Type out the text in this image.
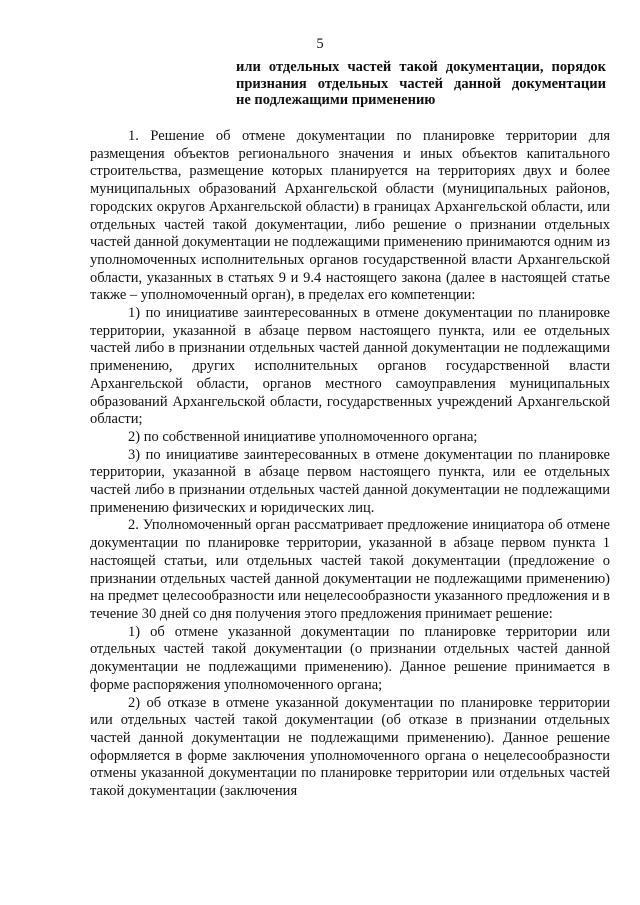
5
или отдельных частей такой документации, порядок
признания отдельных частей данной документации
не подлежащими применению

1. Решение об отмене документации по планировке территории для размещения объектов регионального значения и иных объектов капитального строительства, размещение которых планируется на территориях двух и более муниципальных образований Архангельской области (муниципальных районов, городских округов Архангельской области) в границах Архангельской области, или отдельных частей такой документации, либо решение о признании отдельных частей данной документации не подлежащими применению принимаются одним из уполномоченных исполнительных органов государственной власти Архангельской области, указанных в статьях 9 и 9.4 настоящего закона (далее в настоящей статье также – уполномоченный орган), в пределах его компетенции:

1) по инициативе заинтересованных в отмене документации по планировке территории, указанной в абзаце первом настоящего пункта, или ее отдельных частей либо в признании отдельных частей данной документации не подлежащими применению, других исполнительных органов государственной власти Архангельской области, органов местного самоуправления муниципальных образований Архангельской области, государственных учреждений Архангельской области;

2) по собственной инициативе уполномоченного органа;

3) по инициативе заинтересованных в отмене документации по планировке территории, указанной в абзаце первом настоящего пункта, или ее отдельных частей либо в признании отдельных частей данной документации не подлежащими применению физических и юридических лиц.

2. Уполномоченный орган рассматривает предложение инициатора об отмене документации по планировке территории, указанной в абзаце первом пункта 1 настоящей статьи, или отдельных частей такой документации (предложение о признании отдельных частей данной документации не подлежащими применению) на предмет целесообразности или нецелесообразности указанного предложения и в течение 30 дней со дня получения этого предложения принимает решение:

1) об отмене указанной документации по планировке территории или отдельных частей такой документации (о признании отдельных частей данной документации не подлежащими применению). Данное решение принимается в форме распоряжения уполномоченного органа;

2) об отказе в отмене указанной документации по планировке территории или отдельных частей такой документации (об отказе в признании отдельных частей данной документации не подлежащими применению). Данное решение оформляется в форме заключения уполномоченного органа о нецелесообразности отмены указанной документации по планировке территории или отдельных частей такой документации (заключения
